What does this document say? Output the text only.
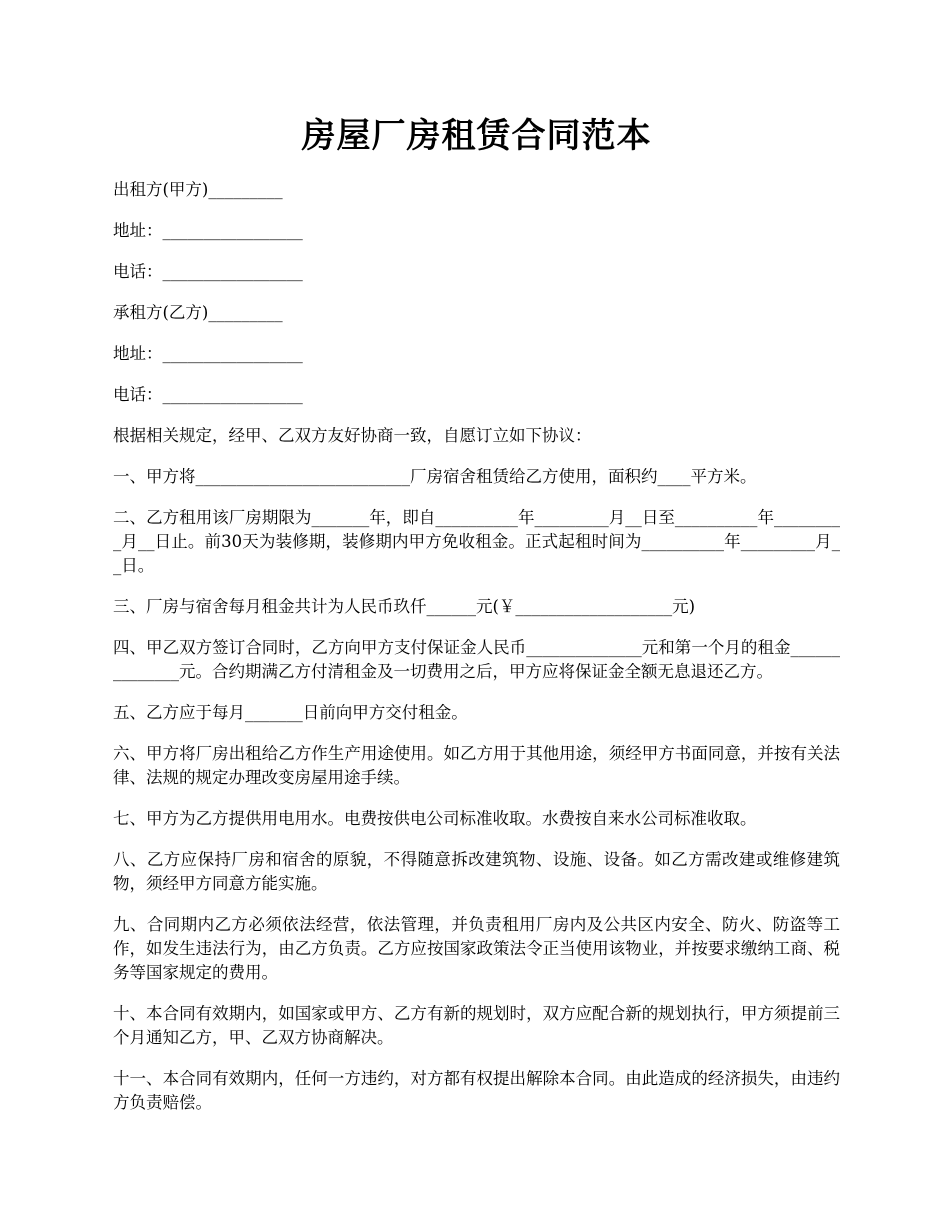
房屋厂房租赁合同范本

出租方(甲方)_________

地址：_________________

电话：_________________

承租方(乙方)_________

地址：_________________

电话：_________________

根据相关规定，经甲、乙双方友好协商一致，自愿订立如下协议：

一、甲方将__________________________厂房宿舍租赁给乙方使用，面积约____平方米。

二、乙方租用该厂房期限为_______年，即自__________年_________月__日至__________年_________月__日止。前30天为装修期，装修期内甲方免收租金。正式起租时间为__________年_________月__日。

三、厂房与宿舍每月租金共计为人民币玖仟______元(￥___________________元)

四、甲乙双方签订合同时，乙方向甲方支付保证金人民币______________元和第一个月的租金______________元。合约期满乙方付清租金及一切费用之后，甲方应将保证金全额无息退还乙方。

五、乙方应于每月_______日前向甲方交付租金。

六、甲方将厂房出租给乙方作生产用途使用。如乙方用于其他用途，须经甲方书面同意，并按有关法律、法规的规定办理改变房屋用途手续。

七、甲方为乙方提供用电用水。电费按供电公司标准收取。水费按自来水公司标准收取。

八、乙方应保持厂房和宿舍的原貌，不得随意拆改建筑物、设施、设备。如乙方需改建或维修建筑物，须经甲方同意方能实施。

九、合同期内乙方必须依法经营，依法管理，并负责租用厂房内及公共区内安全、防火、防盗等工作，如发生违法行为，由乙方负责。乙方应按国家政策法令正当使用该物业，并按要求缴纳工商、税务等国家规定的费用。

十、本合同有效期内，如国家或甲方、乙方有新的规划时，双方应配合新的规划执行，甲方须提前三个月通知乙方，甲、乙双方协商解决。

十一、本合同有效期内，任何一方违约，对方都有权提出解除本合同。由此造成的经济损失，由违约方负责赔偿。
